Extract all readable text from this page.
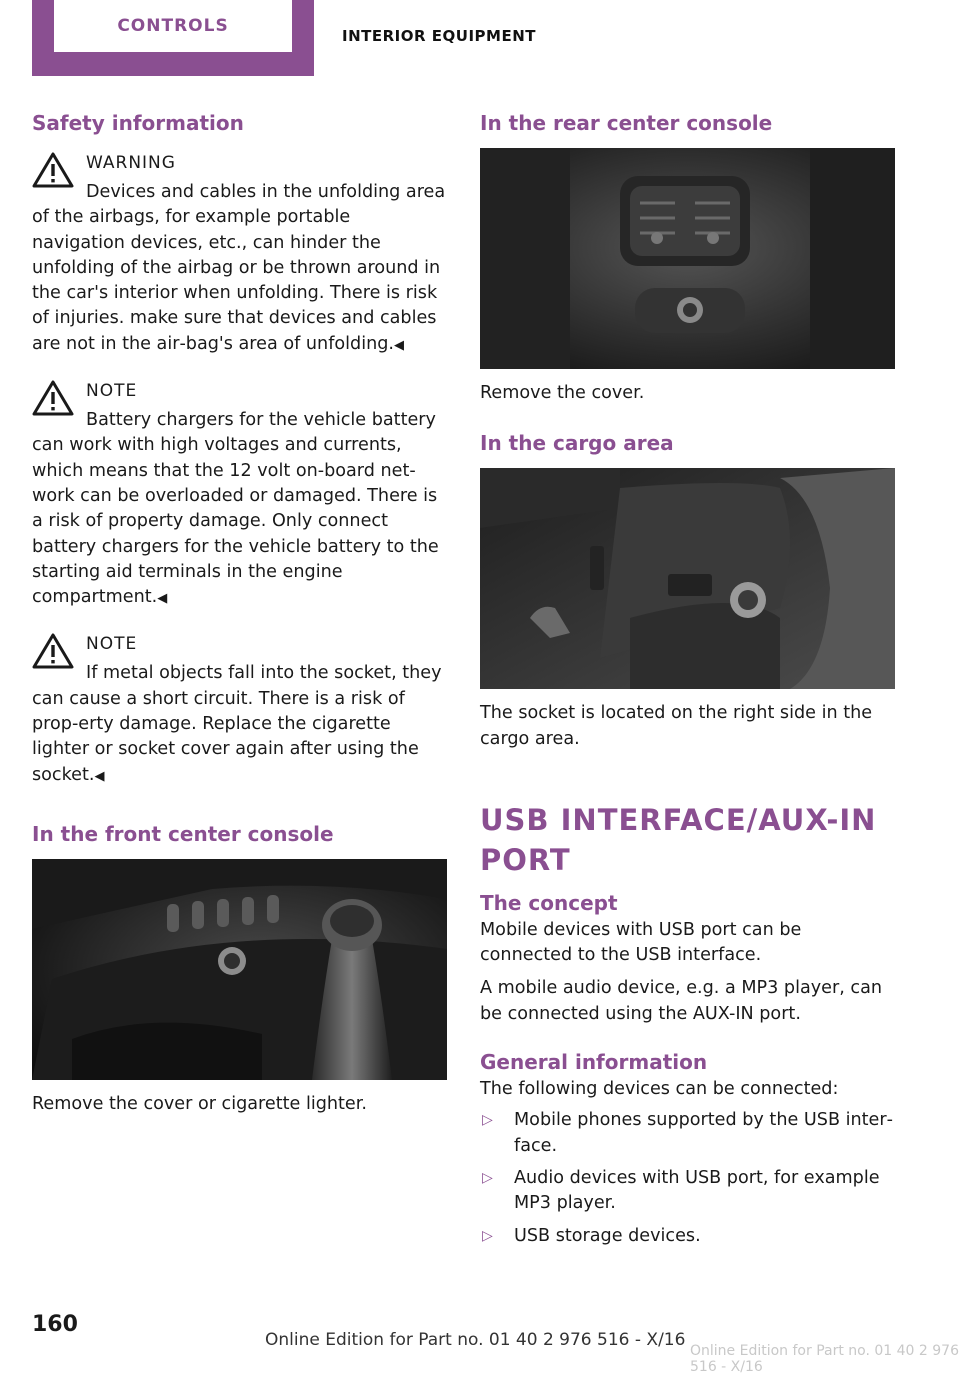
CONTROLS	INTERIOR EQUIPMENT
Safety information
WARNING
Devices and cables in the unfolding area of the airbags, for example portable navigation devices, etc., can hinder the unfolding of the airbag or be thrown around in the car's interior when unfolding. There is risk of injuries. make sure that devices and cables are not in the air‐bag's area of unfolding.◀
NOTE
Battery chargers for the vehicle battery can work with high voltages and currents, which means that the 12 volt on-board net‐work can be overloaded or damaged. There is a risk of property damage. Only connect battery chargers for the vehicle battery to the starting aid terminals in the engine compartment.◀
NOTE
If metal objects fall into the socket, they can cause a short circuit. There is a risk of prop‐erty damage. Replace the cigarette lighter or socket cover again after using the socket.◀
In the front center console

Remove the cover or cigarette lighter.

In the rear center console

Remove the cover.

In the cargo area

The socket is located on the right side in the cargo area.

USB INTERFACE/AUX-IN PORT
The concept

Mobile devices with USB port can be connected to the USB interface.

A mobile audio device, e.g. a MP3 player, can be connected using the AUX-IN port.

General information

The following devices can be connected:

▷ Mobile phones supported by the USB inter‐face.
▷ Audio devices with USB port, for example MP3 player.
▷ USB storage devices.
160
Online Edition for Part no. 01 40 2 976 516 - X/16
Online Edition for Part no. 01 40 2 976 516 - X/16
